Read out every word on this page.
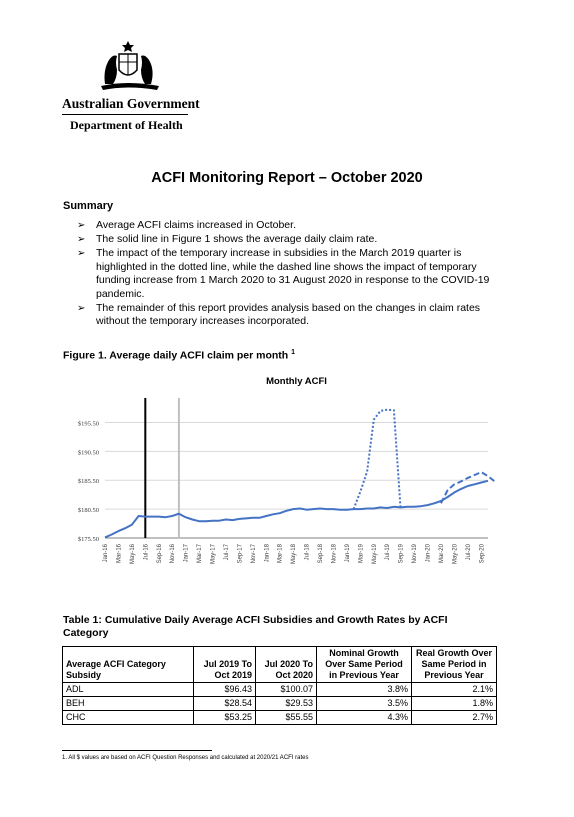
Australian Government
Department of Health
ACFI Monitoring Report – October 2020
Summary
➢ Average ACFI claims increased in October.
➢ The solid line in Figure 1 shows the average daily claim rate.
➢ The impact of the temporary increase in subsidies in the March 2019 quarter is highlighted in the dotted line, while the dashed line shows the impact of temporary funding increase from 1 March 2020 to 31 August 2020 in response to the COVID-19 pandemic.
➢ The remainder of this report provides analysis based on the changes in claim rates without the temporary increases incorporated.
Figure 1. Average daily ACFI claim per month $^1$
Monthly ACFI
$175.50
$180.50
$185.50
$190.50
$195.50
Jan-16 Mar-16 May-16 Jul-16 Sep-16 Nov-16 Jan-17 Mar-17 May-17 Jul-17 Sep-17 Nov-17 Jan-18 Mar-18 May-18 Jul-18 Sep-18 Nov-18 Jan-19 Mar-19 May-19 Jul-19 Sep-19 Nov-19 Jan-20 Mar-20 May-20 Jul-20 Sep-20
Table 1: Cumulative Daily Average ACFI Subsidies and Growth Rates by ACFI Category
Average ACFI Category Subsidy	Jul 2019 To Oct 2019	Jul 2020 To Oct 2020	Nominal Growth Over Same Period in Previous Year	Real Growth Over Same Period in Previous Year
ADL	$96.43	$100.07	3.8%	2.1%
BEH	$28.54	$29.53	3.5%	1.8%
CHC	$53.25	$55.55	4.3%	2.7%
1. All $ values are based on ACFI Question Responses and calculated at 2020/21 ACFI rates
